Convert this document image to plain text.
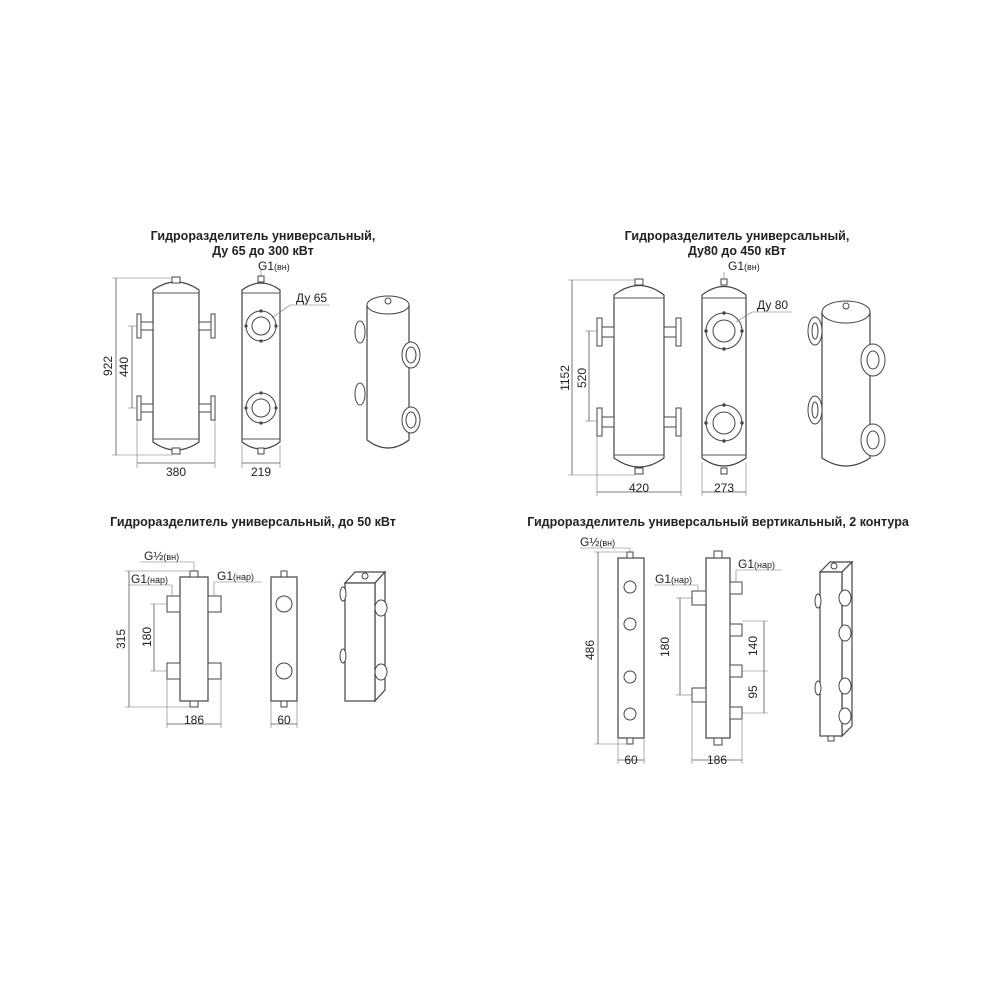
Гидроразделитель универсальный,
Ду 65 до 300 кВт
922 440
380	219
G1(вн)
Ду 65
Гидроразделитель универсальный,
Ду80 до 450 кВт
1152 520
420	273
G1(вн)
Ду 80
Гидроразделитель универсальный, до 50 кВт
315 180
186
G½(вн)
G1(нар)	G1(нар)
60
Гидроразделитель универсальный вертикальный, 2 контура
486
60
G½(вн)
180	140
95
186
G1(нар)
G1(нар)
